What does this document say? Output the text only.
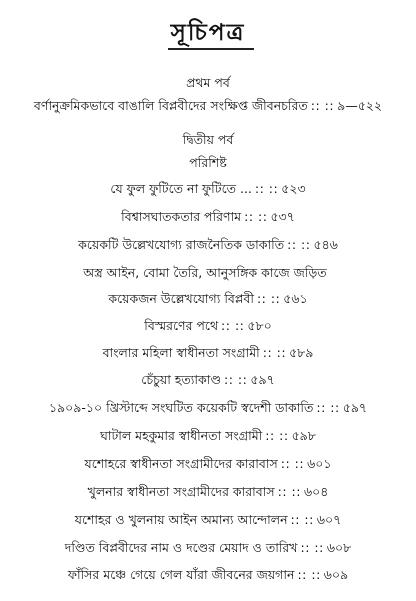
সূচিপত্র
প্রথম পর্ব
বর্ণানুক্রমিকভাবে বাঙালি বিপ্লবীদের সংক্ষিপ্ত জীবনচরিত :: :: ৯—৫২২
দ্বিতীয় পর্ব
পরিশিষ্ট
যে ফুল ফুটিতে না ফুটিতে ... :: :: ৫২৩
বিশ্বাসঘাতকতার পরিণাম :: :: ৫৩৭
কয়েকটি উল্লেখযোগ্য রাজনৈতিক ডাকাতি :: :: ৫৪৬
অস্ত্র আইন, বোমা তৈরি, আনুসঙ্গিক কাজে জড়িত
কয়েকজন উল্লেখযোগ্য বিপ্লবী :: :: ৫৬১
বিস্মরণের পথে :: :: ৫৮০
বাংলার মহিলা স্বাধীনতা সংগ্রামী :: :: ৫৮৯
চেঁচুয়া হত্যাকাণ্ড :: :: ৫৯৭
১৯০৯-১০ খ্রিস্টাব্দে সংঘটিত কয়েকটি স্বদেশী ডাকাতি :: :: ৫৯৭
ঘাটাল মহকুমার স্বাধীনতা সংগ্রামী :: :: ৫৯৮
যশোহরে স্বাধীনতা সংগ্রামীদের কারাবাস :: :: ৬০১
খুলনার স্বাধীনতা সংগ্রামীদের কারাবাস :: :: ৬০৪
যশোহর ও খুলনায় আইন অমান্য আন্দোলন :: :: ৬০৭
দণ্ডিত বিপ্লবীদের নাম ও দণ্ডের মেয়াদ ও তারিখ :: :: ৬০৮
ফাঁসির মঞ্চে গেয়ে গেল যাঁরা জীবনের জয়গান :: :: ৬০৯
